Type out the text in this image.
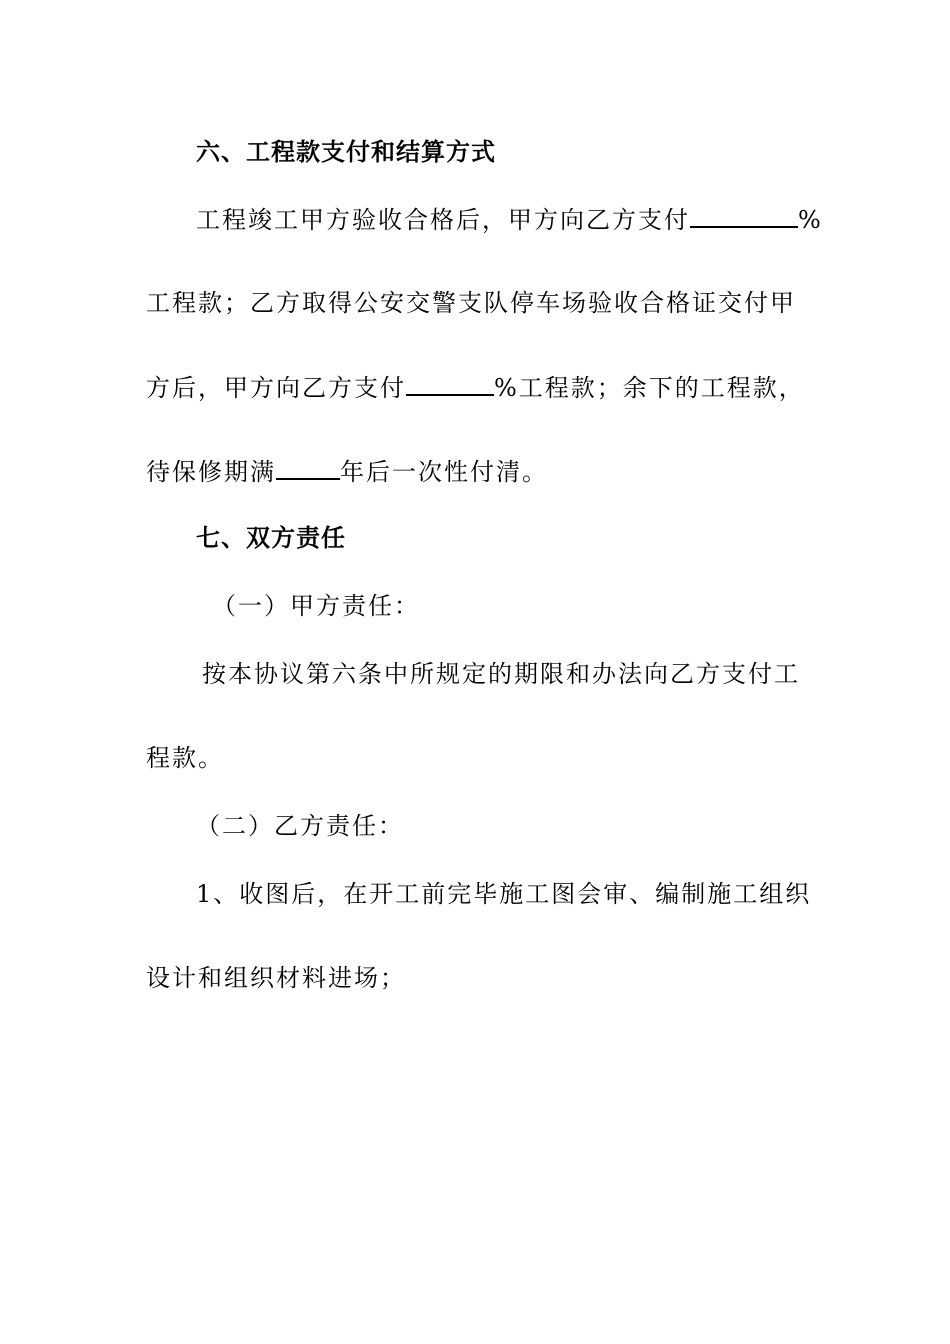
六、工程款支付和结算方式
工程竣工甲方验收合格后，甲方向乙方支付	%
工程款；乙方取得公安交警支队停车场验收合格证交付甲
方后，甲方向乙方支付	%工程款；余下的工程款，
待保修期满	年后一次性付清。
七、双方责任
（一）甲方责任：
按本协议第六条中所规定的期限和办法向乙方支付工
程款。
（二）乙方责任：
1、收图后，在开工前完毕施工图会审、编制施工组织
设计和组织材料进场；
